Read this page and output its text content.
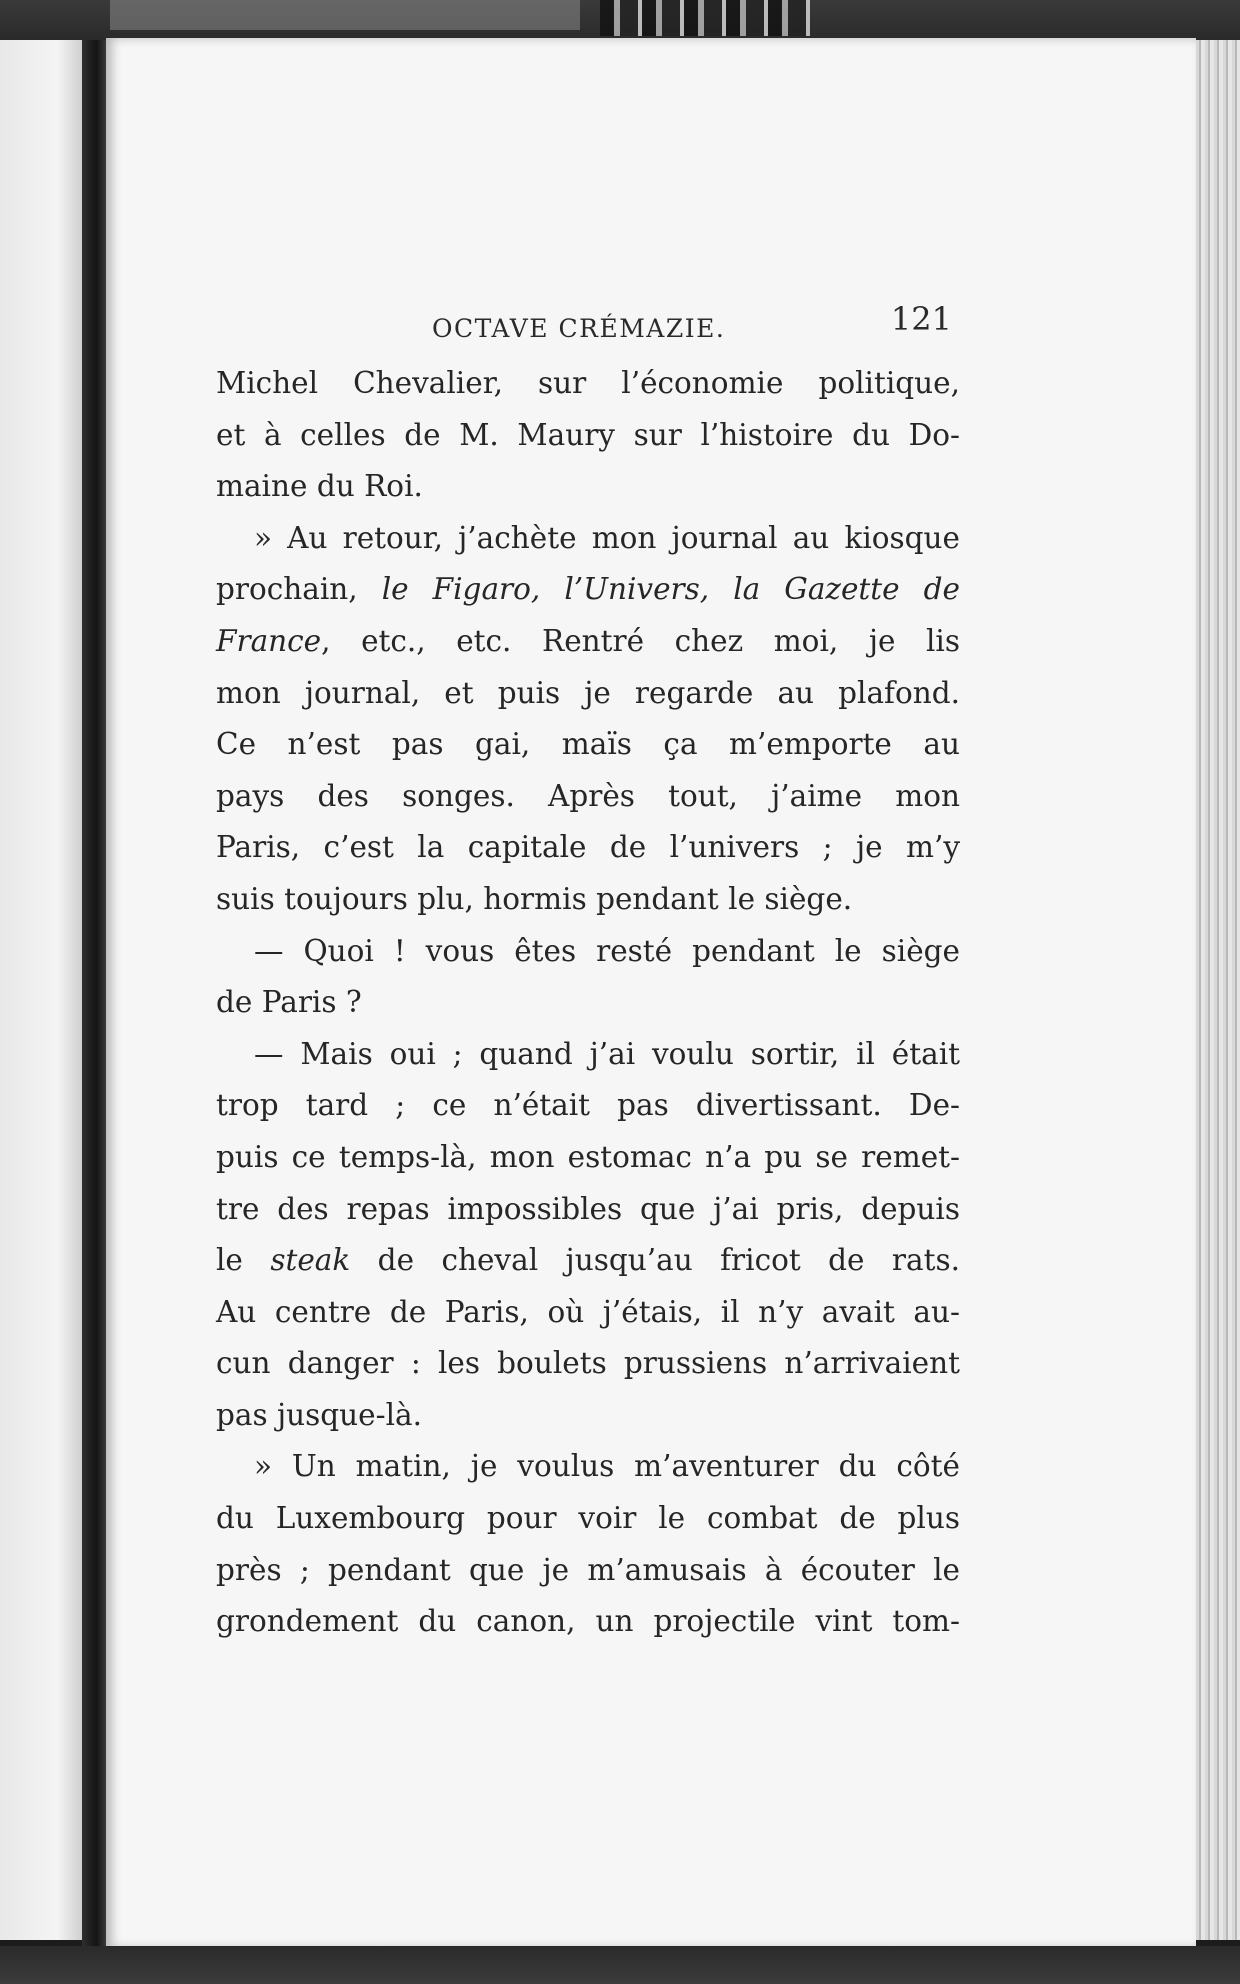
OCTAVE CRÉMAZIE.	121

Michel Chevalier, sur l’économie politique,

et à celles de M. Maury sur l’histoire du Do-

maine du Roi.

» Au retour, j’achète mon journal au kiosque

prochain, le Figaro, l’Univers, la Gazette de

France, etc., etc. Rentré chez moi, je lis

mon journal, et puis je regarde au plafond.

Ce n’est pas gai, maïs ça m’emporte au

pays des songes. Après tout, j’aime mon

Paris, c’est la capitale de l’univers ; je m’y

suis toujours plu, hormis pendant le siège.

— Quoi ! vous êtes resté pendant le siège

de Paris ?

— Mais oui ; quand j’ai voulu sortir, il était

trop tard ; ce n’était pas divertissant. De-

puis ce temps-là, mon estomac n’a pu se remet-

tre des repas impossibles que j’ai pris, depuis

le steak de cheval jusqu’au fricot de rats.

Au centre de Paris, où j’étais, il n’y avait au-

cun danger : les boulets prussiens n’arrivaient

pas jusque-là.

» Un matin, je voulus m’aventurer du côté

du Luxembourg pour voir le combat de plus

près ; pendant que je m’amusais à écouter le

grondement du canon, un projectile vint tom-
